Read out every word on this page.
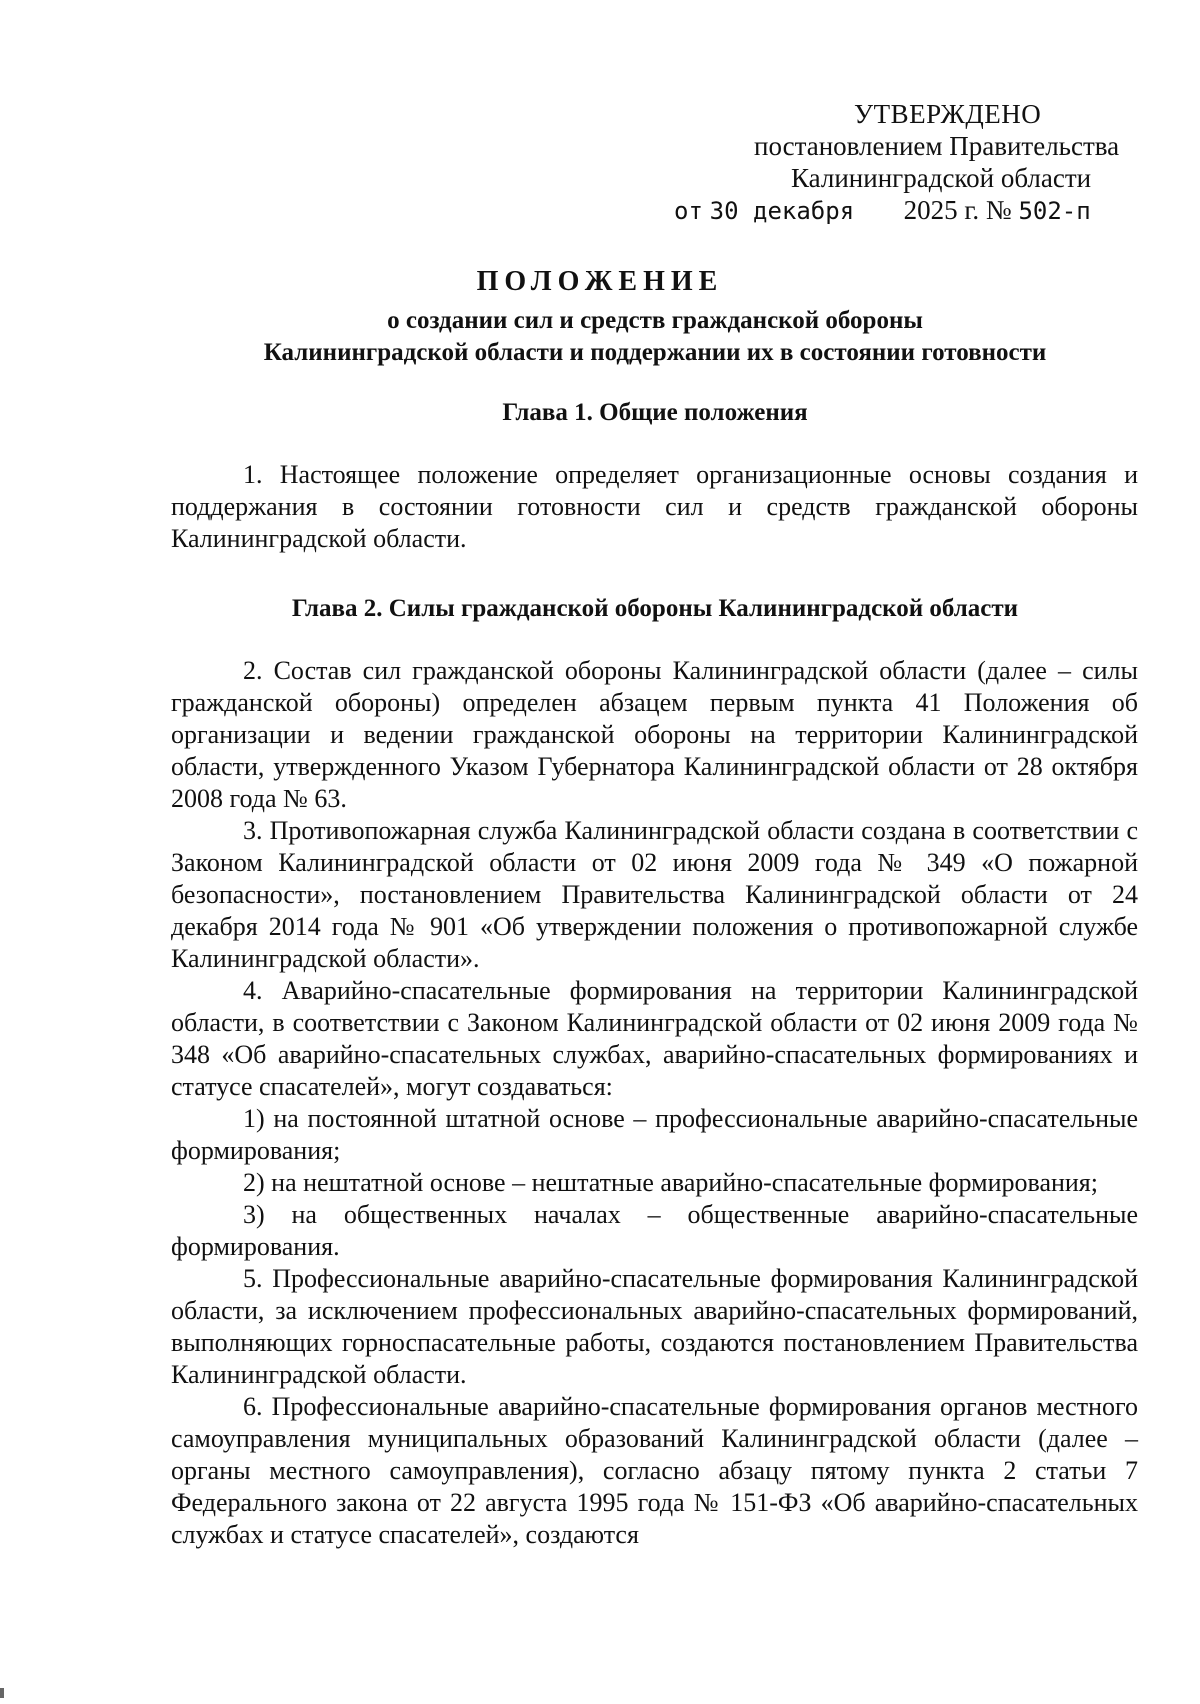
УТВЕРЖДЕНО
постановлением Правительства
Калининградской области
от 30 декабря 2025 г. № 502-п
ПОЛОЖЕНИЕ
о создании сил и средств гражданской обороны
Калининградской области и поддержании их в состоянии готовности
Глава 1. Общие положения

1. Настоящее положение определяет организационные основы создания и поддержания в состоянии готовности сил и средств гражданской обороны Калининградской области.

Глава 2. Силы гражданской обороны Калининградской области

2. Состав сил гражданской обороны Калининградской области (далее – силы гражданской обороны) определен абзацем первым пункта 41 Положения об организации и ведении гражданской обороны на территории Калининградской области, утвержденного Указом Губернатора Калининградской области от 28 октября 2008 года № 63.

3. Противопожарная служба Калининградской области создана в соответствии с Законом Калининградской области от 02 июня 2009 года № 349 «О пожарной безопасности», постановлением Правительства Калининградской области от 24 декабря 2014 года № 901 «Об утверждении положения о противопожарной службе Калининградской области».

4. Аварийно-спасательные формирования на территории Калининградской области, в соответствии с Законом Калининградской области от 02 июня 2009 года № 348 «Об аварийно-спасательных службах, аварийно-спасательных формированиях и статусе спасателей», могут создаваться:

1) на постоянной штатной основе – профессиональные аварийно-спасательные формирования;

2) на нештатной основе – нештатные аварийно-спасательные формирования;

3) на общественных началах – общественные аварийно-спасательные формирования.

5. Профессиональные аварийно-спасательные формирования Калининградской области, за исключением профессиональных аварийно-спасательных формирований, выполняющих горноспасательные работы, создаются постановлением Правительства Калининградской области.

6. Профессиональные аварийно-спасательные формирования органов местного самоуправления муниципальных образований Калининградской области (далее – органы местного самоуправления), согласно абзацу пятому пункта 2 статьи 7 Федерального закона от 22 августа 1995 года № 151-ФЗ «Об аварийно-спасательных службах и статусе спасателей», создаются
